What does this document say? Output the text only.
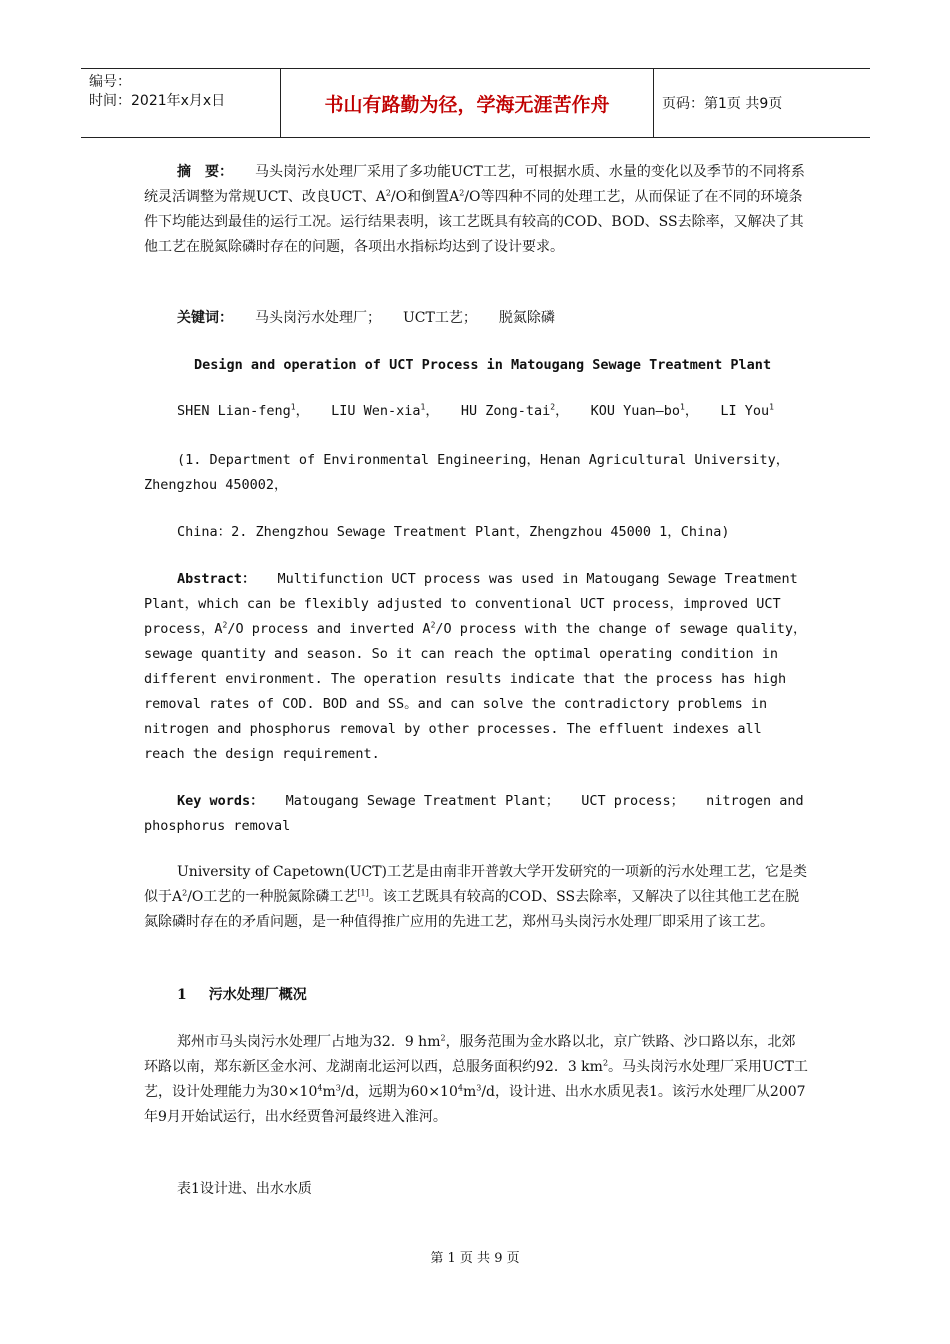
编号：
时间：2021年x月x日	书山有路勤为径，学海无涯苦作舟	页码：第1页 共9页

摘　要： 马头岗污水处理厂采用了多功能UCT工艺，可根据水质、水量的变化以及季节的不同将系统灵活调整为常规UCT、改良UCT、$A^2/O$和倒置$A^2/O$等四种不同的处理工艺，从而保证了在不同的环境条件下均能达到最佳的运行工况。运行结果表明，该工艺既具有较高的COD、BOD、SS去除率，又解决了其他工艺在脱氮除磷时存在的问题，各项出水指标均达到了设计要求。

关键词： 马头岗污水处理厂； UCT工艺； 脱氮除磷

Design and operation of UCT Process in Matougang Sewage Treatment Plant

SHEN Lian-feng$^1$， LIU Wen-xia$^1$， HU Zong-tai$^2$， KOU $Yuan—bo^1$， LI You$^1$

(1. Department of Environmental Engineering，Henan Agricultural University，Zhengzhou 450002，

China：2. Zhengzhou Sewage Treatment Plant，Zhengzhou 45000 1，China)

Abstract： Multifunction UCT process was used in Matougang Sewage Treatment Plant，which can be flexibly adjusted to conventional UCT process，improved UCT process，$A^2/O$ process and inverted $A^2/O$ process with the change of sewage quality，sewage quantity and season. So it can reach the optimal operating condition in different environment. The operation results indicate that the process has high removal rates of COD. BOD and SS。and can solve the contradictory problems in nitrogen and phosphorus removal by other processes. The effluent indexes all reach the design requirement.

Key words： Matougang Sewage Treatment Plant； UCT process； nitrogen and phosphorus removal

University of Capetown(UCT)工艺是由南非开普敦大学开发研究的一项新的污水处理工艺，它是类似于$A^2/O$工艺的一种脱氮除磷工艺[1]。该工艺既具有较高的COD、SS去除率，又解决了以往其他工艺在脱氮除磷时存在的矛盾问题，是一种值得推广应用的先进工艺，郑州马头岗污水处理厂即采用了该工艺。

1 污水处理厂概况

郑州市马头岗污水处理厂占地为32．9 $hm^2$，服务范围为金水路以北，京广铁路、沙口路以东，北郊环路以南，郑东新区金水河、龙湖南北运河以西，总服务面积约92．3 $km^2$。马头岗污水处理厂采用UCT工艺，设计处理能力为$30\times 10^4m^3/d$，远期为$60\times 10^4m^3/d$，设计进、出水水质见表1。该污水处理厂从2007年9月开始试运行，出水经贾鲁河最终进入淮河。

表1设计进、出水水质

第 1 页 共 9 页
